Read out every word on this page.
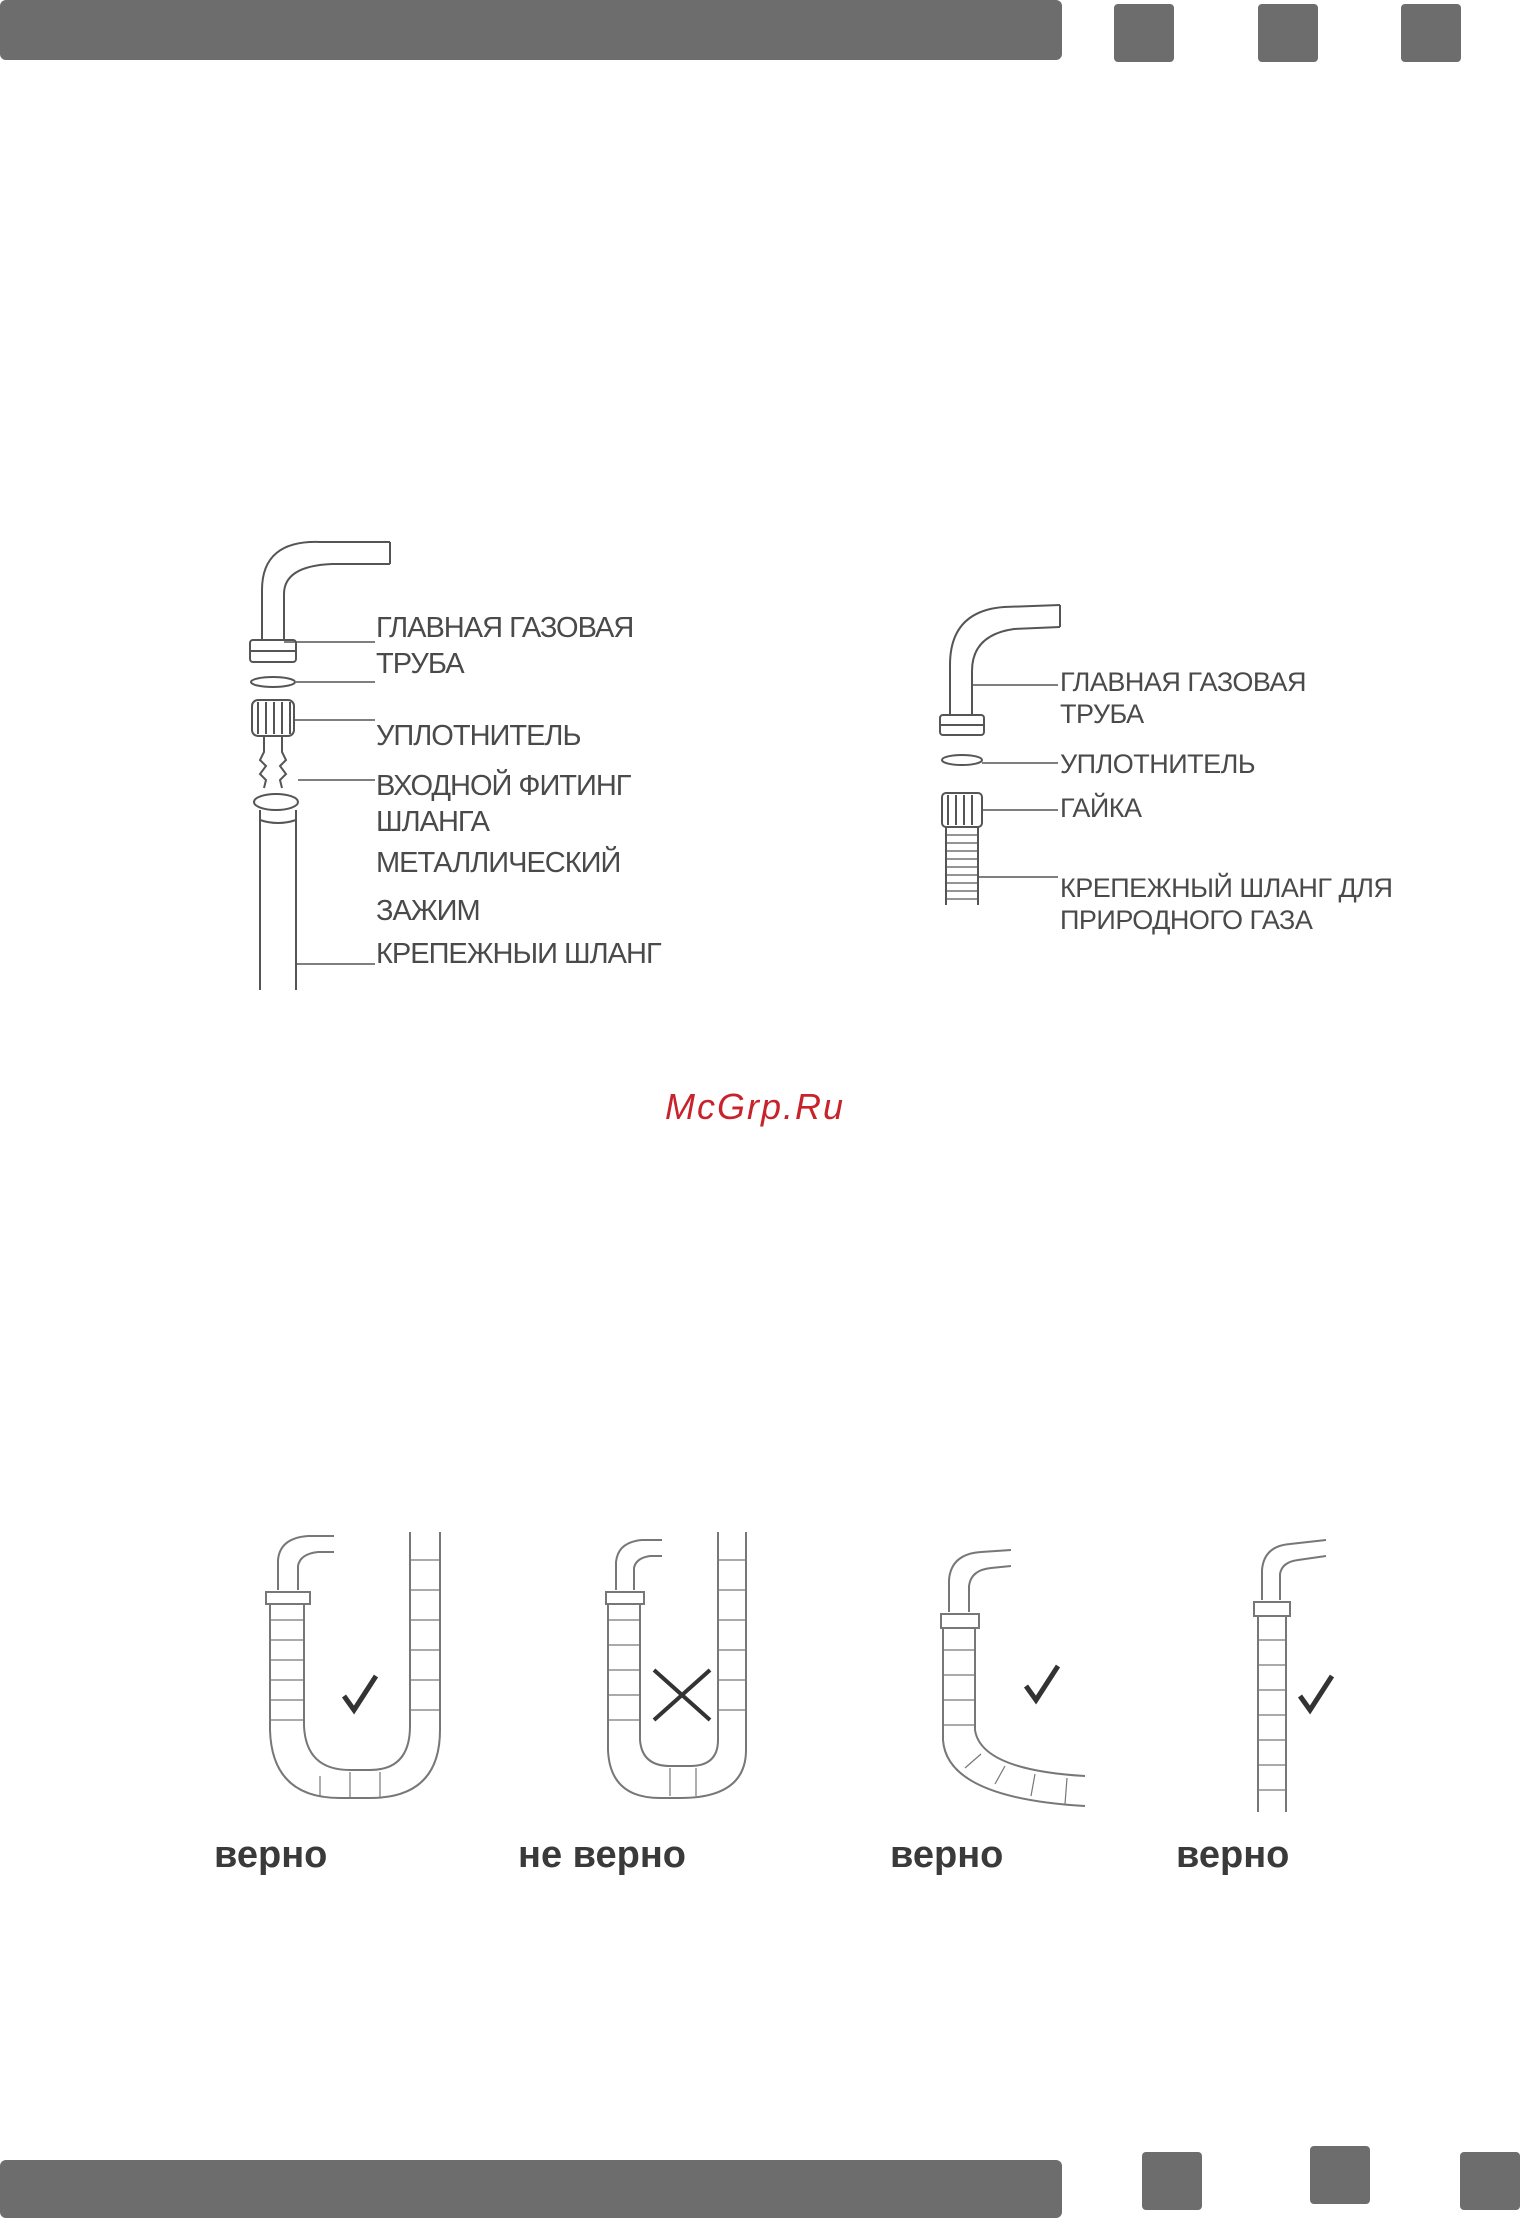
ГЛАВНАЯ ГАЗОВАЯ
ТРУБА
УПЛОТНИТЕЛЬ
ВХОДНОЙ ФИТИНГ
ШЛАНГА
МЕТАЛЛИЧЕСКИЙ
ЗАЖИМ
КРЕПЕЖНЫИ ШЛАНГ
ГЛАВНАЯ ГАЗОВАЯ
ТРУБА
УПЛОТНИТЕЛЬ
ГАЙКА
КРЕПЕЖНЫЙ ШЛАНГ ДЛЯ
ПРИРОДНОГО ГАЗА
McGrp.Ru
верно	не верно	верно	верно
